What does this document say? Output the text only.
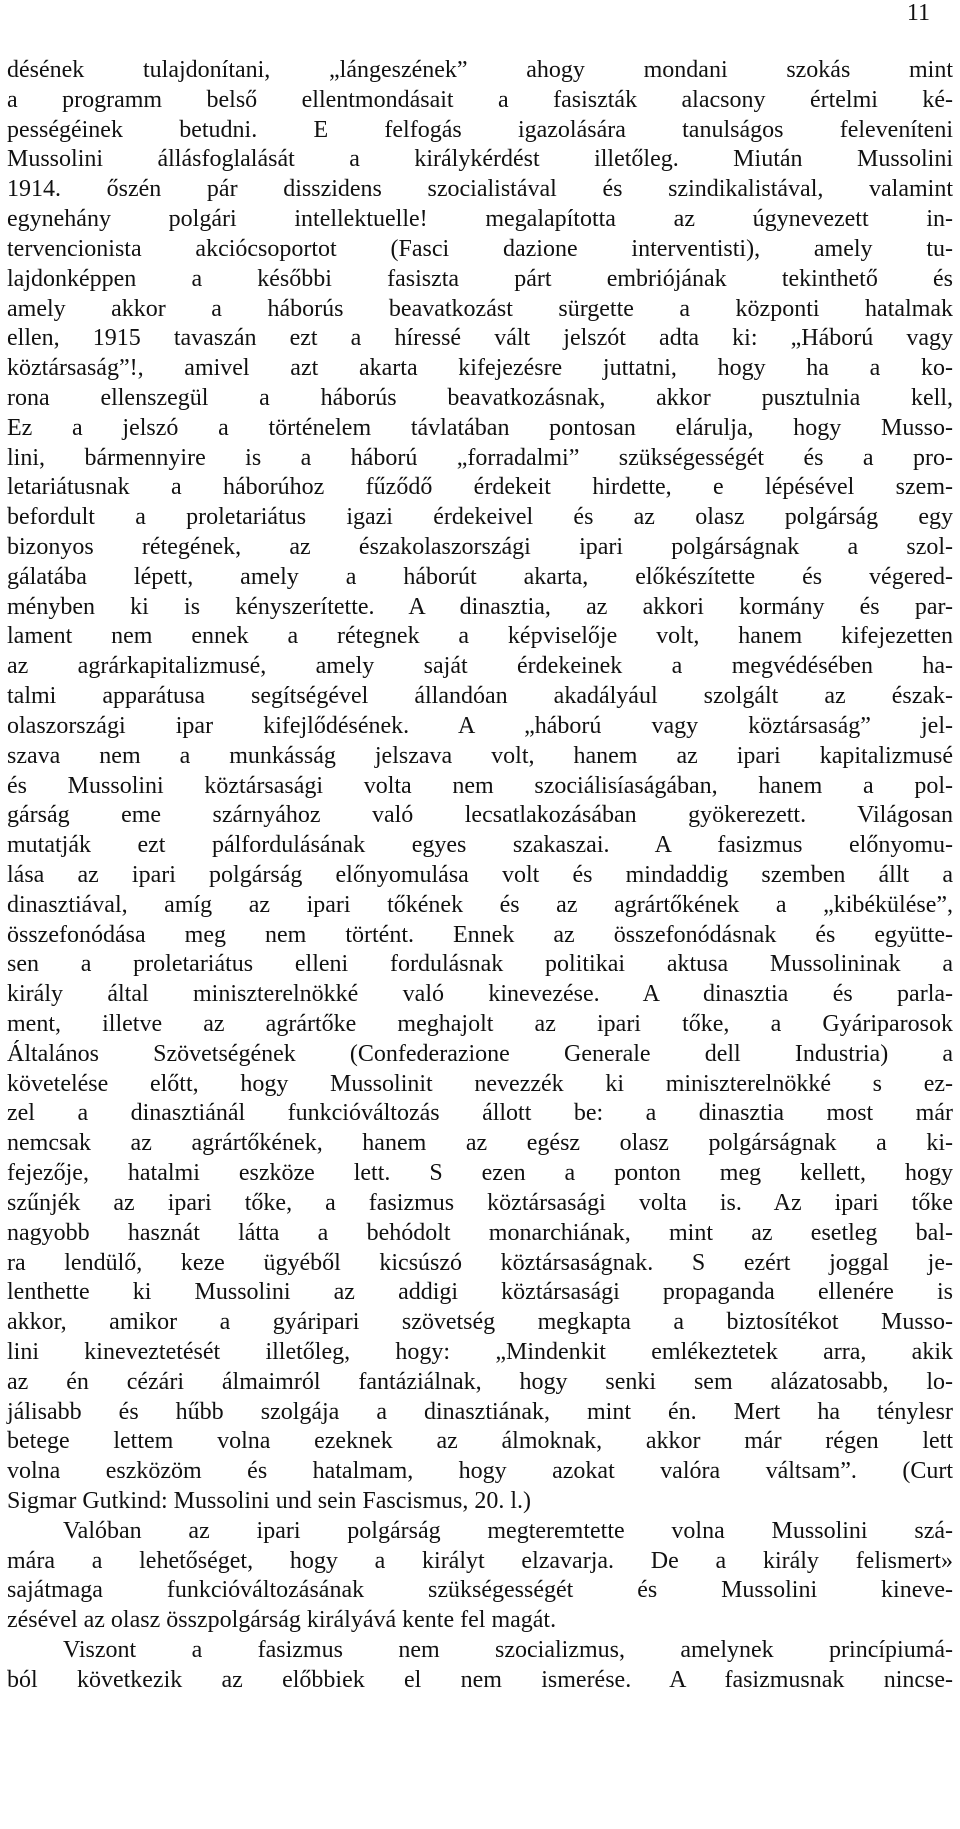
11
désének tulajdonítani, „lángeszének” ahogy mondani szokás mint
a programm belső ellentmondásait a fasiszták alacsony értelmi ké-
pességéinek betudni. E felfogás igazolására tanulságos feleveníteni
Mussolini állásfoglalását a királykérdést illetőleg. Miután Mussolini
1914. őszén pár disszidens szocialistával és szindikalistával, valamint
egynehány polgári intellektuelle! megalapította az úgynevezett in-
tervencionista akciócsoportot (Fasci dazione interventisti), amely tu-
lajdonképpen a későbbi fasiszta párt embriójának tekinthető és
amely akkor a háborús beavatkozást sürgette a központi hatalmak
ellen, 1915 tavaszán ezt a híressé vált jelszót adta ki: „Háború vagy
köztársaság”!, amivel azt akarta kifejezésre juttatni, hogy ha a ko-
rona ellenszegül a háborús beavatkozásnak, akkor pusztulnia kell,
Ez a jelszó a történelem távlatában pontosan elárulja, hogy Musso-
lini, bármennyire is a háború „forradalmi” szükségességét és a pro-
letariátusnak a háborúhoz fűződő érdekeit hirdette, e lépésével szem-
befordult a proletariátus igazi érdekeivel és az olasz polgárság egy
bizonyos rétegének, az északolaszországi ipari polgárságnak a szol-
gálatába lépett, amely a háborút akarta, előkészítette és végered-
ményben ki is kényszerítette. A dinasztia, az akkori kormány és par-
lament nem ennek a rétegnek a képviselője volt, hanem kifejezetten
az agrárkapitalizmusé, amely saját érdekeinek a megvédésében ha-
talmi apparátusa segítségével állandóan akadályául szolgált az észak-
olaszországi ipar kifejlődésének. A „háború vagy köztársaság” jel-
szava nem a munkásság jelszava volt, hanem az ipari kapitalizmusé
és Mussolini köztársasági volta nem szociálisíaságában, hanem a pol-
gárság eme szárnyához való lecsatlakozásában gyökerezett. Világosan
mutatják ezt pálfordulásának egyes szakaszai. A fasizmus előnyomu-
lása az ipari polgárság előnyomulása volt és mindaddig szemben állt a
dinasztiával, amíg az ipari tőkének és az agrártőkének a „kibékülése”,
összefonódása meg nem történt. Ennek az összefonódásnak és együtte-
sen a proletariátus elleni fordulásnak politikai aktusa Mussolininak a
király által miniszterelnökké való kinevezése. A dinasztia és parla-
ment, illetve az agrártőke meghajolt az ipari tőke, a Gyáriparosok
Általános Szövetségének (Confederazione Generale dell Industria) a
követelése előtt, hogy Mussolinit nevezzék ki miniszterelnökké s ez-
zel a dinasztiánál funkcióváltozás állott be: a dinasztia most már
nemcsak az agrártőkének, hanem az egész olasz polgárságnak a ki-
fejezője, hatalmi eszköze lett. S ezen a ponton meg kellett, hogy
szűnjék az ipari tőke, a fasizmus köztársasági volta is. Az ipari tőke
nagyobb hasznát látta a behódolt monarchiának, mint az esetleg bal-
ra lendülő, keze ügyéből kicsúszó köztársaságnak. S ezért joggal je-
lenthette ki Mussolini az addigi köztársasági propaganda ellenére is
akkor, amikor a gyáripari szövetség megkapta a biztosítékot Musso-
lini kineveztetését illetőleg, hogy: „Mindenkit emlékeztetek arra, akik
az én cézári álmaimról fantáziálnak, hogy senki sem alázatosabb, lo-
jálisabb és hűbb szolgája a dinasztiának, mint én. Mert ha ténylesr
betege lettem volna ezeknek az álmoknak, akkor már régen lett
volna eszközöm és hatalmam, hogy azokat valóra váltsam”. (Curt
Sigmar Gutkind: Mussolini und sein Fascismus, 20. l.)
Valóban az ipari polgárság megteremtette volna Mussolini szá-
mára a lehetőséget, hogy a királyt elzavarja. De a király felismert»
sajátmaga funkcióváltozásának szükségességét és Mussolini kineve-
zésével az olasz összpolgárság királyává kente fel magát.
Viszont a fasizmus nem szocializmus, amelynek princípiumá-
ból következik az előbbiek el nem ismerése. A fasizmusnak nincse-
